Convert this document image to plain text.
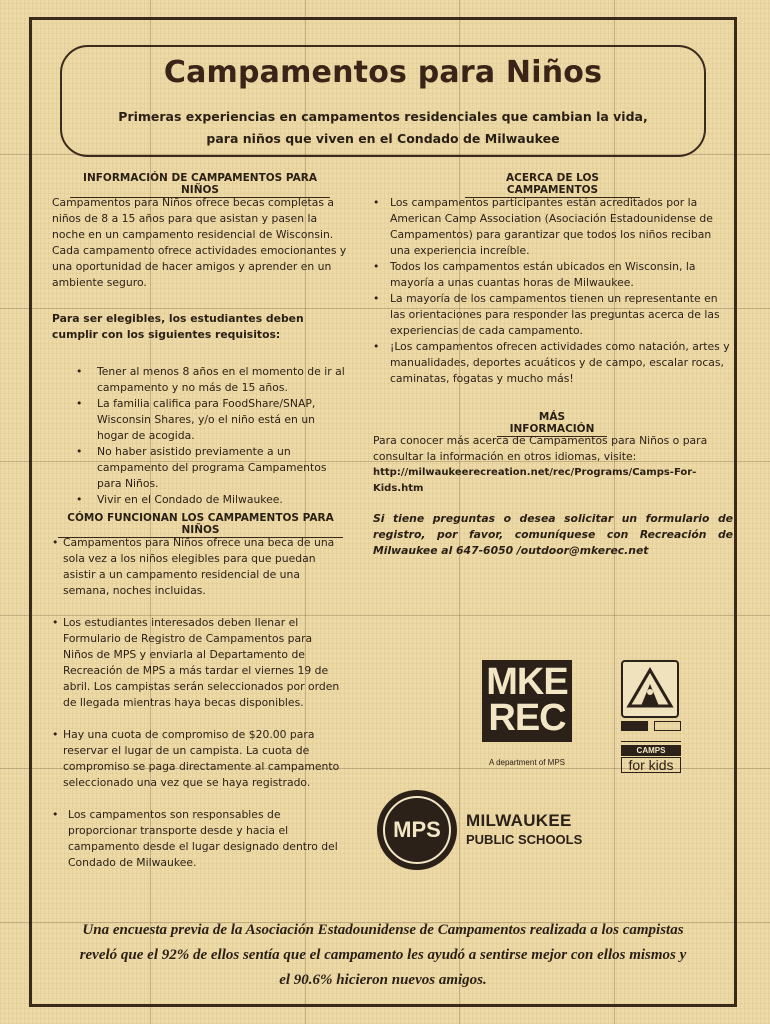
Campamentos para Niños
Primeras experiencias en campamentos residenciales que cambian la vida,
para niños que viven en el Condado de Milwaukee
INFORMACIÓN DE CAMPAMENTOS PARA NIÑOS

Campamentos para Niños ofrece becas completas a niños de 8 a 15 años para que asistan y pasen la noche en un campamento residencial de Wisconsin. Cada campamento ofrece actividades emocionantes y una oportunidad de hacer amigos y aprender en un ambiente seguro.

Para ser elegibles, los estudiantes deben cumplir con los siguientes requisitos:

• Tener al menos 8 años en el momento de ir al campamento y no más de 15 años.
• La familia califica para FoodShare/SNAP, Wisconsin Shares, y/o el niño está en un hogar de acogida.
• No haber asistido previamente a un campamento del programa Campamentos para Niños.
• Vivir en el Condado de Milwaukee.
CÓMO FUNCIONAN LOS CAMPAMENTOS PARA NIÑOS
• Campamentos para Niños ofrece una beca de una sola vez a los niños elegibles para que puedan asistir a un campamento residencial de una semana, noches incluidas.
• Los estudiantes interesados deben llenar el Formulario de Registro de Campamentos para Niños de MPS y enviarla al Departamento de Recreación de MPS a más tardar el viernes 19 de abril. Los campistas serán seleccionados por orden de llegada mientras haya becas disponibles.
• Hay una cuota de compromiso de $20.00 para reservar el lugar de un campista. La cuota de compromiso se paga directamente al campamento seleccionado una vez que se haya registrado.
• Los campamentos son responsables de proporcionar transporte desde y hacia el campamento desde el lugar designado dentro del Condado de Milwaukee.
ACERCA DE LOS CAMPAMENTOS
• Los campamentos participantes están acreditados por la American Camp Association (Asociación Estadounidense de Campamentos) para garantizar que todos los niños reciban una experiencia increíble.
• Todos los campamentos están ubicados en Wisconsin, la mayoría a unas cuantas horas de Milwaukee.
• La mayoría de los campamentos tienen un representante en las orientaciones para responder las preguntas acerca de las experiencias de cada campamento.
• ¡Los campamentos ofrecen actividades como natación, artes y manualidades, deportes acuáticos y de campo, escalar rocas, caminatas, fogatas y mucho más!
MÁS INFORMACIÓN

Para conocer más acerca de Campamentos para Niños o para consultar la información en otros idiomas, visite:

http://milwaukeerecreation.net/rec/Programs/Camps-For-Kids.htm

Si tiene preguntas o desea solicitar un formulario de registro, por favor, comuníquese con Recreación de Milwaukee al 647-6050 /outdoor@mkerec.net

MKE
REC
A department of MPS
CAMPS
for kids
MPS MILWAUKEE
PUBLIC SCHOOLS
Una encuesta previa de la Asociación Estadounidense de Campamentos realizada a los campistas
reveló que el 92% de ellos sentía que el campamento les ayudó a sentirse mejor con ellos mismos y
el 90.6% hicieron nuevos amigos.
